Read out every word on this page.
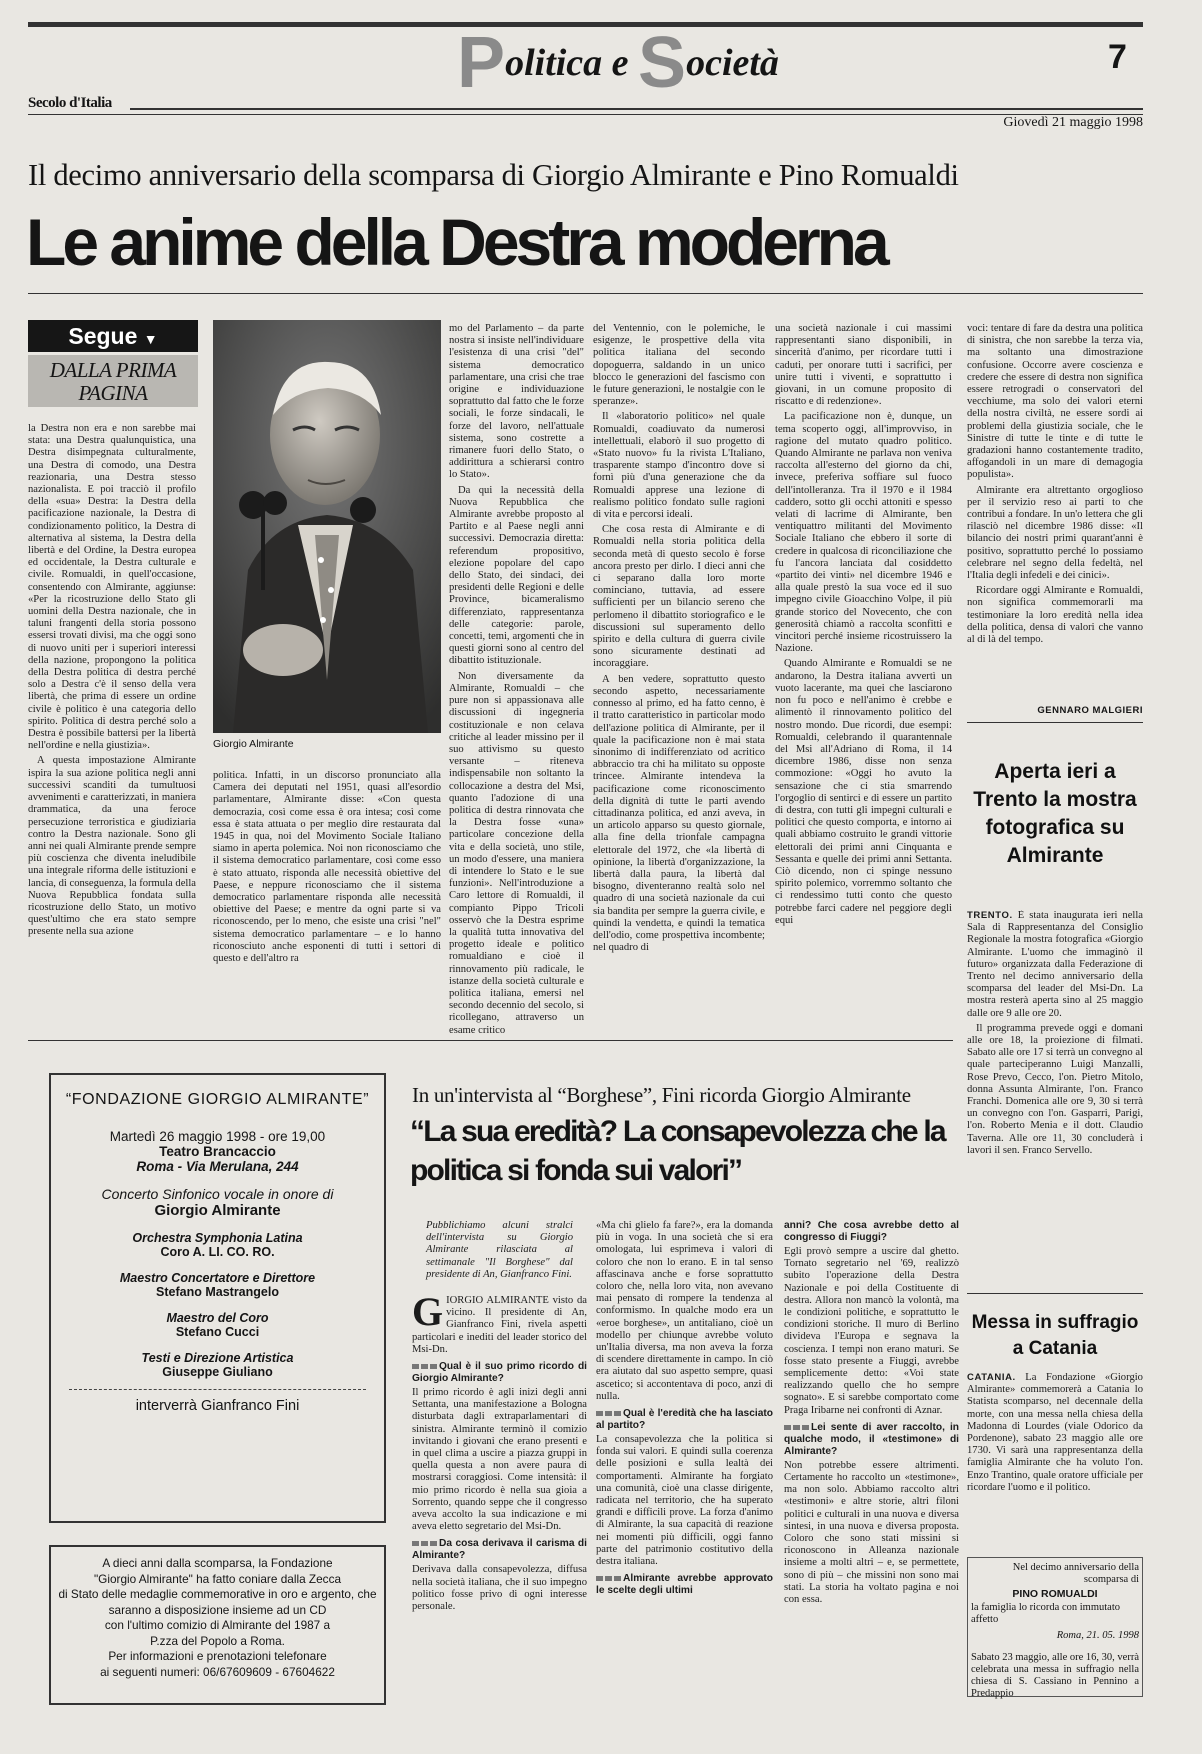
Politica e Società	7
Secolo d'Italia
Giovedì 21 maggio 1998
Il decimo anniversario della scomparsa di Giorgio Almirante e Pino Romualdi
Le anime della Destra moderna
Segue ▼
DALLA PRIMA PAGINA

la Destra non era e non sarebbe mai stata: una Destra qualunquistica, una Destra disimpegnata culturalmente, una Destra di comodo, una Destra reazionaria, una Destra stesso nazionalista. E poi tracciò il profilo della «sua» Destra: la Destra della pacificazione nazionale, la Destra di condizionamento politico, la Destra di alternativa al sistema, la Destra della libertà e del Ordine, la Destra europea ed occidentale, la Destra culturale e civile. Romualdi, in quell'occasione, consentendo con Almirante, aggiunse: «Per la ricostruzione dello Stato gli uomini della Destra nazionale, che in taluni frangenti della storia possono essersi trovati divisi, ma che oggi sono di nuovo uniti per i superiori interessi della nazione, propongono la politica della Destra politica di destra perché solo a Destra c'è il senso della vera libertà, che prima di essere un ordine civile è politico è una categoria dello spirito. Politica di destra perché solo a Destra è possibile battersi per la libertà nell'ordine e nella giustizia».

A questa impostazione Almirante ispira la sua azione politica negli anni successivi scanditi da tumultuosi avvenimenti e caratterizzati, in maniera drammatica, da una feroce persecuzione terroristica e giudiziaria contro la Destra nazionale. Sono gli anni nei quali Almirante prende sempre più coscienza che diventa ineludibile una integrale riforma delle istituzioni e lancia, di conseguenza, la formula della Nuova Repubblica fondata sulla ricostruzione dello Stato, un motivo quest'ultimo che era stato sempre presente nella sua azione

Giorgio Almirante

politica. Infatti, in un discorso pronunciato alla Camera dei deputati nel 1951, quasi all'esordio parlamentare, Almirante disse: «Con questa democrazia, così come essa è ora intesa; così come essa è stata attuata o per meglio dire restaurata dal 1945 in qua, noi del Movimento Sociale Italiano siamo in aperta polemica. Noi non riconosciamo che il sistema democratico parlamentare, così come esso è stato attuato, risponda alle necessità obiettive del Paese, e neppure riconosciamo che il sistema democratico parlamentare risponda alle necessità obiettive del Paese; e mentre da ogni parte si va riconoscendo, per lo meno, che esiste una crisi "nel" sistema democratico parlamentare – e lo hanno riconosciuto anche esponenti di tutti i settori di questo e dell'altro ra

mo del Parlamento – da parte nostra si insiste nell'individuare l'esistenza di una crisi "del" sistema democratico parlamentare, una crisi che trae origine e individuazione soprattutto dal fatto che le forze sociali, le forze sindacali, le forze del lavoro, nell'attuale sistema, sono costrette a rimanere fuori dello Stato, o addirittura a schierarsi contro lo Stato».

Da qui la necessità della Nuova Repubblica che Almirante avrebbe proposto al Partito e al Paese negli anni successivi. Democrazia diretta: referendum propositivo, elezione popolare del capo dello Stato, dei sindaci, dei presidenti delle Regioni e delle Province, bicameralismo differenziato, rappresentanza delle categorie: parole, concetti, temi, argomenti che in questi giorni sono al centro del dibattito istituzionale.

Non diversamente da Almirante, Romualdi – che pure non si appassionava alle discussioni di ingegneria costituzionale e non celava critiche al leader missino per il suo attivismo su questo versante – riteneva indispensabile non soltanto la collocazione a destra del Msi, quanto l'adozione di una politica di destra rinnovata che la Destra fosse «una» particolare concezione della vita e della società, uno stile, un modo d'essere, una maniera di intendere lo Stato e le sue funzioni». Nell'introduzione a Caro lettore di Romualdi, il compianto Pippo Tricoli osservò che la Destra esprime la qualità tutta innovativa del progetto ideale e politico romualdiano e cioè il rinnovamento più radicale, le istanze della società culturale e politica italiana, emersi nel secondo decennio del secolo, si ricollegano, attraverso un esame critico

del Ventennio, con le polemiche, le esigenze, le prospettive della vita politica italiana del secondo dopoguerra, saldando in un unico blocco le generazioni del fascismo con le future generazioni, le nostalgie con le speranze».

Il «laboratorio politico» nel quale Romualdi, coadiuvato da numerosi intellettuali, elaborò il suo progetto di «Stato nuovo» fu la rivista L'Italiano, trasparente stampo d'incontro dove si fornì più d'una generazione che da Romualdi apprese una lezione di realismo politico fondato sulle ragioni di vita e percorsi ideali.

Che cosa resta di Almirante e di Romualdi nella storia politica della seconda metà di questo secolo è forse ancora presto per dirlo. I dieci anni che ci separano dalla loro morte cominciano, tuttavia, ad essere sufficienti per un bilancio sereno che perlomeno il dibattito storiografico e le discussioni sul superamento dello spirito e della cultura di guerra civile sono sicuramente destinati ad incoraggiare.

A ben vedere, soprattutto questo secondo aspetto, necessariamente connesso al primo, ed ha fatto cenno, è il tratto caratteristico in particolar modo dell'azione politica di Almirante, per il quale la pacificazione non è mai stata sinonimo di indifferenziato od acritico abbraccio tra chi ha militato su opposte trincee. Almirante intendeva la pacificazione come riconoscimento della dignità di tutte le parti avendo cittadinanza politica, ed anzi aveva, in un articolo apparso su questo giornale, alla fine della trionfale campagna elettorale del 1972, che «la libertà di opinione, la libertà d'organizzazione, la libertà dalla paura, la libertà dal bisogno, diventeranno realtà solo nel quadro di una società nazionale da cui sia bandita per sempre la guerra civile, e quindi la vendetta, e quindi la tematica dell'odio, come prospettiva incombente; nel quadro di

una società nazionale i cui massimi rappresentanti siano disponibili, in sincerità d'animo, per ricordare tutti i caduti, per onorare tutti i sacrifici, per unire tutti i viventi, e soprattutto i giovani, in un comune proposito di riscatto e di redenzione».

La pacificazione non è, dunque, un tema scoperto oggi, all'improvviso, in ragione del mutato quadro politico. Quando Almirante ne parlava non veniva raccolta all'esterno del giorno da chi, invece, preferiva soffiare sul fuoco dell'intolleranza. Tra il 1970 e il 1984 caddero, sotto gli occhi attoniti e spesso velati di lacrime di Almirante, ben ventiquattro militanti del Movimento Sociale Italiano che ebbero il sorte di credere in qualcosa di riconciliazione che fu l'ancora lanciata dal cosiddetto «partito dei vinti» nel dicembre 1946 e alla quale prestò la sua voce ed il suo impegno civile Gioacchino Volpe, il più grande storico del Novecento, che con generosità chiamò a raccolta sconfitti e vincitori perché insieme ricostruissero la Nazione.

Quando Almirante e Romualdi se ne andarono, la Destra italiana avvertì un vuoto lacerante, ma quei che lasciarono non fu poco e nell'animo è crebbe e alimentò il rinnovamento politico del nostro mondo. Due ricordi, due esempi: Romualdi, celebrando il quarantennale del Msi all'Adriano di Roma, il 14 dicembre 1986, disse non senza commozione: «Oggi ho avuto la sensazione che ci stia smarrendo l'orgoglio di sentirci e di essere un partito di destra, con tutti gli impegni culturali e politici che questo comporta, e intorno ai quali abbiamo costruito le grandi vittorie elettorali dei primi anni Cinquanta e Sessanta e quelle dei primi anni Settanta. Ciò dicendo, non ci spinge nessuno spirito polemico, vorremmo soltanto che ci rendessimo tutti conto che questo potrebbe farci cadere nel peggiore degli equi

voci: tentare di fare da destra una politica di sinistra, che non sarebbe la terza via, ma soltanto una dimostrazione confusione. Occorre avere coscienza e credere che essere di destra non significa essere retrogradi o conservatori del vecchiume, ma solo dei valori eterni della nostra civiltà, ne essere sordi ai problemi della giustizia sociale, che le Sinistre di tutte le tinte e di tutte le gradazioni hanno costantemente tradito, affogandoli in un mare di demagogia populista».

Almirante era altrettanto orgoglioso per il servizio reso ai parti to che contribuì a fondare. In un'o lettera che gli rilasciò nel dicembre 1986 disse: «Il bilancio dei nostri primi quarant'anni è positivo, soprattutto perché lo possiamo celebrare nel segno della fedeltà, nel l'Italia degli infedeli e dei cinici».

Ricordare oggi Almirante e Romualdi, non significa commemorarli ma testimoniare la loro eredità nella idea della politica, densa di valori che vanno al di là del tempo.

GENNARO MALGIERI
Aperta ieri a Trento la mostra fotografica su Almirante

TRENTO. È stata inaugurata ieri nella Sala di Rappresentanza del Consiglio Regionale la mostra fotografica «Giorgio Almirante. L'uomo che immaginò il futuro» organizzata dalla Federazione di Trento nel decimo anniversario della scomparsa del leader del Msi-Dn. La mostra resterà aperta sino al 25 maggio dalle ore 9 alle ore 20.

Il programma prevede oggi e domani alle ore 18, la proiezione di filmati. Sabato alle ore 17 si terrà un convegno al quale parteciperanno Luigi Manzalli, Rose Prevo, Cecco, l'on. Pietro Mitolo, donna Assunta Almirante, l'on. Franco Franchi. Domenica alle ore 9, 30 si terrà un convegno con l'on. Gasparri, Parigi, l'on. Roberto Menia e il dott. Claudio Taverna. Alle ore 11, 30 concluderà i lavori il sen. Franco Servello.

Messa in suffragio a Catania

CATANIA. La Fondazione «Giorgio Almirante» commemorerà a Catania lo Statista scomparso, nel decennale della morte, con una messa nella chiesa della Madonna di Lourdes (viale Odorico da Pordenone), sabato 23 maggio alle ore 1730. Vi sarà una rappresentanza della famiglia Almirante che ha voluto l'on. Enzo Trantino, quale oratore ufficiale per ricordare l'uomo e il politico.

Nel decimo anniversario della scomparsa di
PINO ROMUALDI
la famiglia lo ricorda con immutato affetto
Roma, 21. 05. 1998
Sabato 23 maggio, alle ore 16, 30, verrà celebrata una messa in suffragio nella chiesa di S. Cassiano in Pennino a Predappio

“FONDAZIONE GIORGIO ALMIRANTE”

Martedì 26 maggio 1998 - ore 19,00

Teatro Brancaccio

Roma - Via Merulana, 244

Concerto Sinfonico vocale in onore di

Giorgio Almirante

Orchestra Symphonia Latina

Coro A. LI. CO. RO.

Maestro Concertatore e Direttore

Stefano Mastrangelo

Maestro del Coro

Stefano Cucci

Testi e Direzione Artistica

Giuseppe Giuliano

interverrà Gianfranco Fini

A dieci anni dalla scomparsa, la Fondazione
"Giorgio Almirante" ha fatto coniare dalla Zecca
di Stato delle medaglie commemorative in oro e argento, che saranno a disposizione insieme ad un CD
con l'ultimo comizio di Almirante del 1987 a
P.zza del Popolo a Roma.
Per informazioni e prenotazioni telefonare
ai seguenti numeri: 06/67609609 - 67604622
In un'intervista al “Borghese”, Fini ricorda Giorgio Almirante
“La sua eredità? La consapevolezza che la politica si fonda sui valori”

Pubblichiamo alcuni stralci dell'intervista su Giorgio Almirante rilasciata al settimanale "Il Borghese" dal presidente di An, Gianfranco Fini.

GIORGIO ALMIRANTE visto da vicino. Il presidente di An, Gianfranco Fini, rivela aspetti particolari e inediti del leader storico del Msi-Dn.

Qual è il suo primo ricordo di Giorgio Almirante?

Il primo ricordo è agli inizi degli anni Settanta, una manifestazione a Bologna disturbata dagli extraparlamentari di sinistra. Almirante terminò il comizio invitando i giovani che erano presenti e in quel clima a uscire a piazza gruppi in quella questa a non avere paura di mostrarsi coraggiosi. Come intensità: il mio primo ricordo è nella sua gioia a Sorrento, quando seppe che il congresso aveva accolto la sua indicazione e mi aveva eletto segretario del Msi-Dn.

Da cosa derivava il carisma di Almirante?

Derivava dalla consapevolezza, diffusa nella società italiana, che il suo impegno politico fosse privo di ogni interesse personale.

«Ma chi glielo fa fare?», era la domanda più in voga. In una società che si era omologata, lui esprimeva i valori di coloro che non lo erano. E in tal senso affascinava anche e forse soprattutto coloro che, nella loro vita, non avevano mai pensato di rompere la tendenza al conformismo. In qualche modo era un «eroe borghese», un antitaliano, cioè un modello per chiunque avrebbe voluto un'Italia diversa, ma non aveva la forza di scendere direttamente in campo. In ciò era aiutato dal suo aspetto sempre, quasi ascetico; si accontentava di poco, anzi di nulla.

Qual è l'eredità che ha lasciato al partito?

La consapevolezza che la politica si fonda sui valori. E quindi sulla coerenza delle posizioni e sulla lealtà dei comportamenti. Almirante ha forgiato una comunità, cioè una classe dirigente, radicata nel territorio, che ha superato grandi e difficili prove. La forza d'animo di Almirante, la sua capacità di reazione nei momenti più difficili, oggi fanno parte del patrimonio costitutivo della destra italiana.

Almirante avrebbe approvato le scelte degli ultimi
anni? Che cosa avrebbe detto al congresso di Fiuggi?

Egli provò sempre a uscire dal ghetto. Tornato segretario nel '69, realizzò subito l'operazione della Destra Nazionale e poi della Costituente di destra. Allora non mancò la volontà, ma le condizioni politiche, e soprattutto le condizioni storiche. Il muro di Berlino divideva l'Europa e segnava la coscienza. I tempi non erano maturi. Se fosse stato presente a Fiuggi, avrebbe semplicemente detto: «Voi state realizzando quello che ho sempre sognato». E si sarebbe comportato come Praga Iribarne nei confronti di Aznar.

Lei sente di aver raccolto, in qualche modo, il «testimone» di Almirante?

Non potrebbe essere altrimenti. Certamente ho raccolto un «testimone», ma non solo. Abbiamo raccolto altri «testimoni» e altre storie, altri filoni politici e culturali in una nuova e diversa sintesi, in una nuova e diversa proposta. Coloro che sono stati missini si riconoscono in Alleanza nazionale insieme a molti altri – e, se permettete, sono di più – che missini non sono mai stati. La storia ha voltato pagina e noi con essa.
